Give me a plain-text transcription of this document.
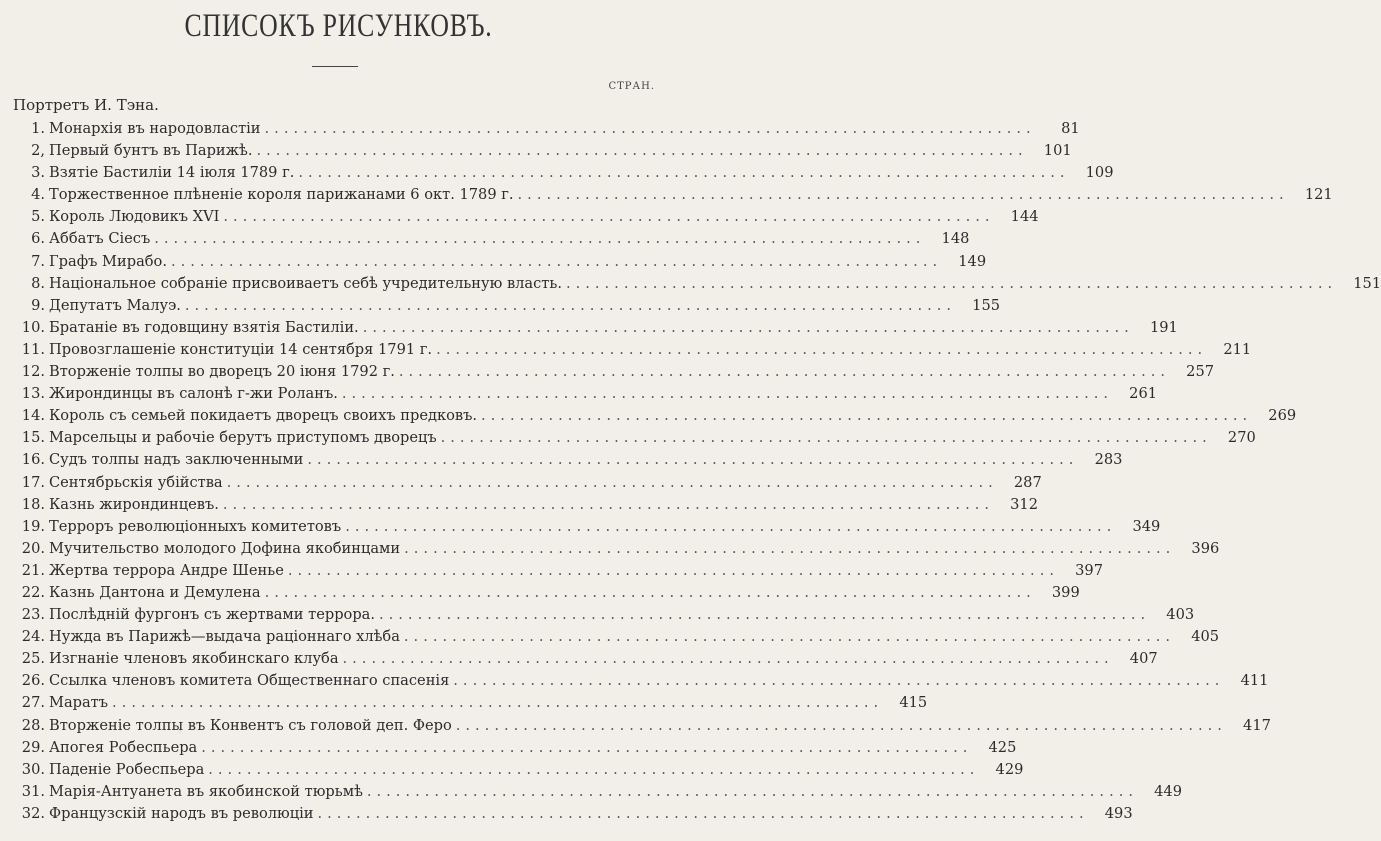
СПИСОКЪ РИСУНКОВЪ.
СТРАН.
Портретъ И. Тэна.
1. Монархія въ народовластіи ................................................................................	81
2, Первый бунтъ въ Парижѣ. ................................................................................	101
3. Взятіе Бастиліи 14 іюля 1789 г. ................................................................................	109
4. Торжественное плѣненіе короля парижанами 6 окт. 1789 г. ................................................................................	121
5. Король Людовикъ XVI ................................................................................	144
6. Аббатъ Сіесъ ................................................................................	148
7. Графъ Мирабо. ................................................................................	149
8. Національное собраніе присвоиваетъ себѣ учредительную власть. ................................................................................	151
9. Депутатъ Малуэ. ................................................................................	155
10. Братаніе въ годовщину взятія Бастиліи. ................................................................................	191
11. Провозглашеніе конституціи 14 сентября 1791 г. ................................................................................	211
12. Вторженіе толпы во дворецъ 20 іюня 1792 г. ................................................................................	257
13. Жирондинцы въ салонѣ г-жи Роланъ. ................................................................................	261
14. Король съ семьей покидаетъ дворецъ своихъ предковъ. ................................................................................	269
15. Марсельцы и рабочіе берутъ приступомъ дворецъ ................................................................................	270
16. Судъ толпы надъ заключенными ................................................................................	283
17. Сентябрьскія убійства ................................................................................	287
18. Казнь жирондинцевъ. ................................................................................	312
19. Терроръ революціонныхъ комитетовъ ................................................................................	349
20. Мучительство молодого Дофина якобинцами ................................................................................	396
21. Жертва террора Андре Шенье ................................................................................	397
22. Казнь Дантона и Демулена ................................................................................	399
23. Послѣдній фургонъ съ жертвами террора. ................................................................................	403
24. Нужда въ Парижѣ—выдача раціоннаго хлѣба ................................................................................	405
25. Изгнаніе членовъ якобинскаго клуба ................................................................................	407
26. Ссылка членовъ комитета Общественнаго спасенія ................................................................................	411
27. Маратъ ................................................................................	415
28. Вторженіе толпы въ Конвентъ съ головой деп. Феро ................................................................................	417
29. Апогея Робеспьера ................................................................................	425
30. Паденіе Робеспьера ................................................................................	429
31. Марія-Антуанета въ якобинской тюрьмѣ ................................................................................	449
32. Французскій народъ въ революціи ................................................................................	493
